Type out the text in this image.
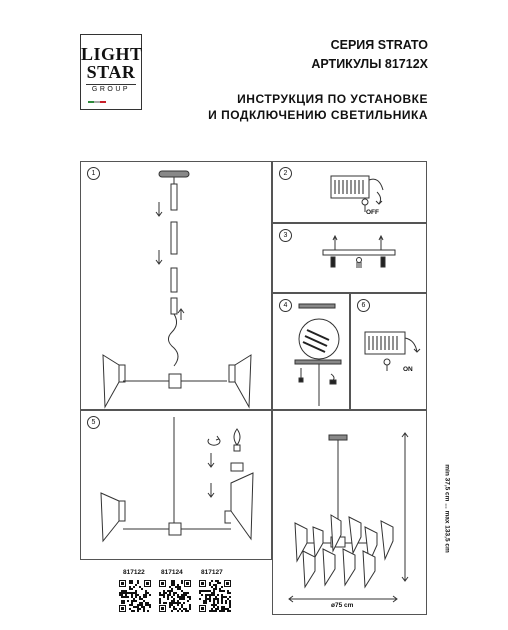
LIGHT
STAR
GROUP
СЕРИЯ STRATO
АРТИКУЛЫ 81712X
ИНСТРУКЦИЯ ПО УСТАНОВКЕ
И ПОДКЛЮЧЕНИЮ СВЕТИЛЬНИКА
1	2
OFF
3
4	6
ON
5
min 37,5 cm ... max 133,5 cm
ø75 cm
817122	817124	817127
